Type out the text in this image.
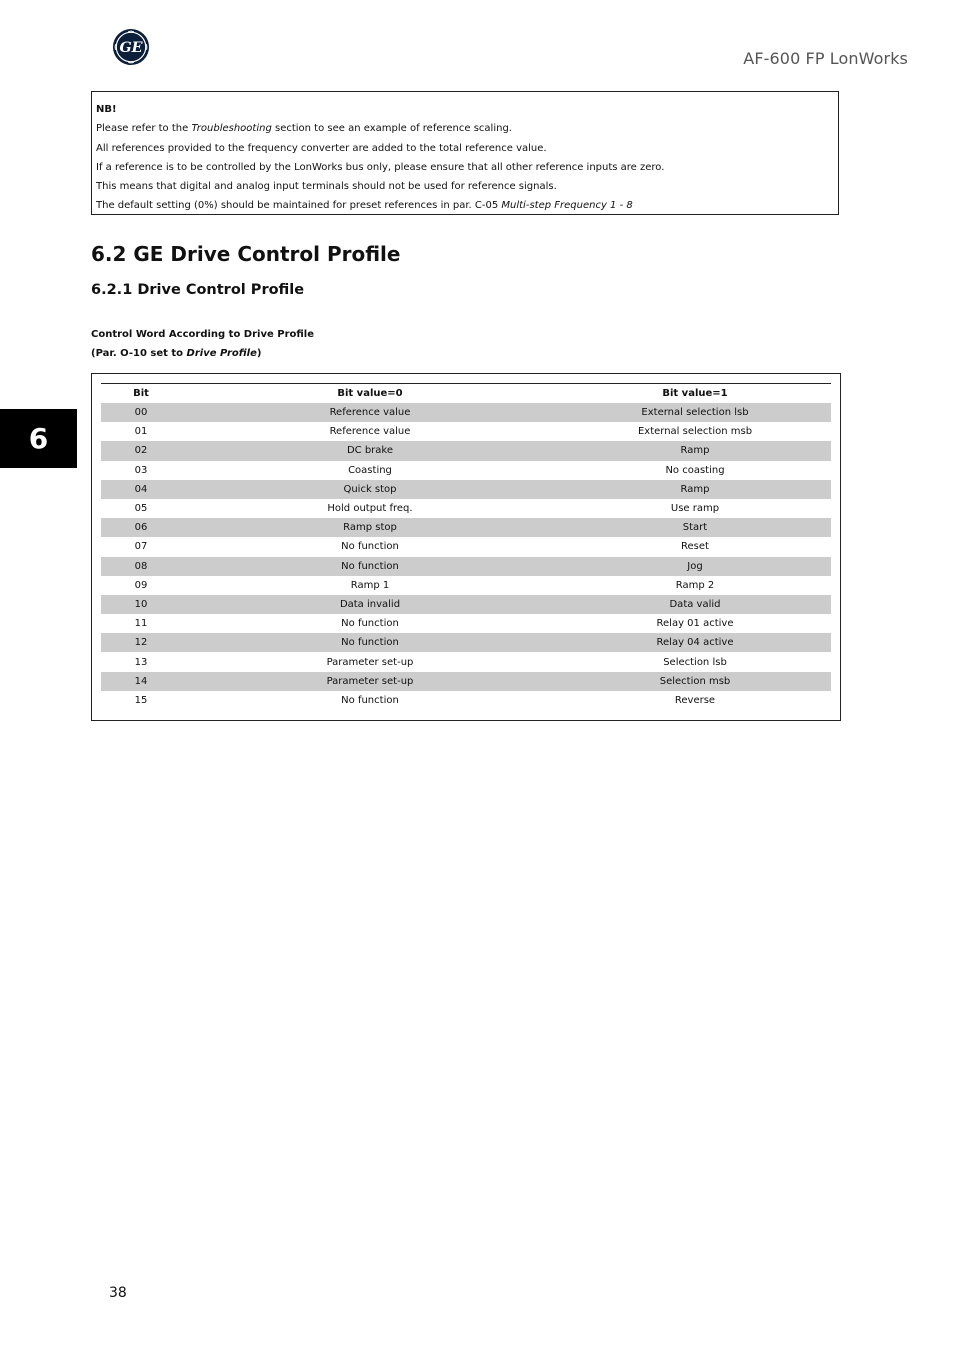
GE
AF-600 FP LonWorks
NB!
Please refer to the Troubleshooting section to see an example of reference scaling.
All references provided to the frequency converter are added to the total reference value.
If a reference is to be controlled by the LonWorks bus only, please ensure that all other reference inputs are zero.
This means that digital and analog input terminals should not be used for reference signals.
The default setting (0%) should be maintained for preset references in par. C-05 Multi-step Frequency 1 - 8
6.2 GE Drive Control Profile
6.2.1 Drive Control Profile
Control Word According to Drive Profile
(Par. O-10 set to Drive Profile)
6
Bit	Bit value=0	Bit value=1
00	Reference value	External selection lsb
01	Reference value	External selection msb
02	DC brake	Ramp
03	Coasting	No coasting
04	Quick stop	Ramp
05	Hold output freq.	Use ramp
06	Ramp stop	Start
07	No function	Reset
08	No function	Jog
09	Ramp 1	Ramp 2
10	Data invalid	Data valid
11	No function	Relay 01 active
12	No function	Relay 04 active
13	Parameter set-up	Selection lsb
14	Parameter set-up	Selection msb
15	No function	Reverse
38
